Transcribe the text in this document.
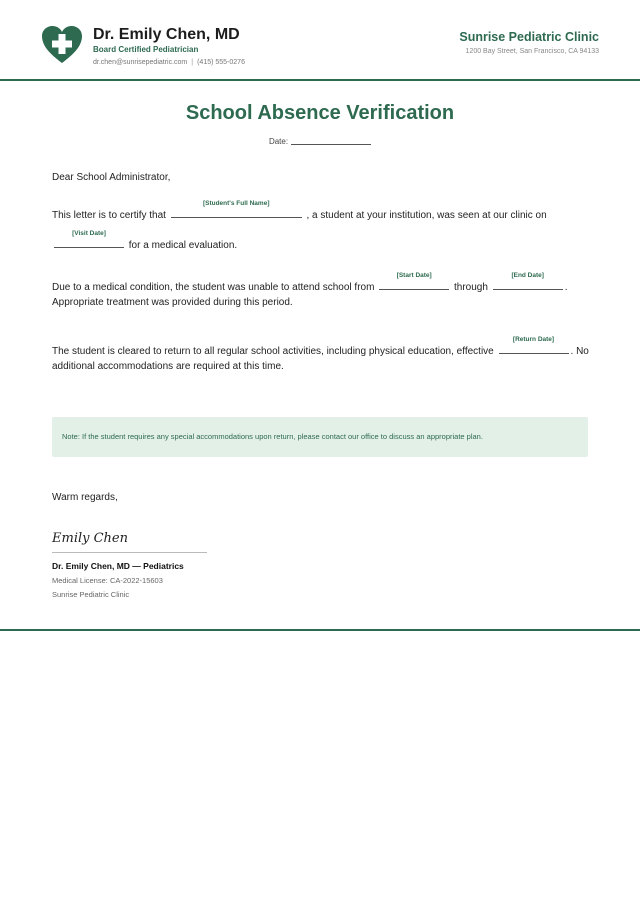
Dr. Emily Chen, MD
Board Certified Pediatrician
dr.chen@sunrisepediatric.com | (415) 555-0276
Sunrise Pediatric Clinic
1200 Bay Street, San Francisco, CA 94133
School Absence Verification
Date:
Dear School Administrator,
This letter is to certify that
[Student's Full Name]
, a student at your institution, was seen at our clinic on
[Visit Date]
for a medical evaluation.
Due to a medical condition, the student was unable to attend school from
[Start Date]
through
[End Date]
. Appropriate treatment was provided during this period.
The student is cleared to return to all regular school activities, including physical education, effective
[Return Date]
. No additional accommodations are required at this time.
Note: If the student requires any special accommodations upon return, please contact our office to discuss an appropriate plan.
Warm regards,
Emily Chen
Dr. Emily Chen, MD — Pediatrics
Medical License: CA-2022-15603
Sunrise Pediatric Clinic
